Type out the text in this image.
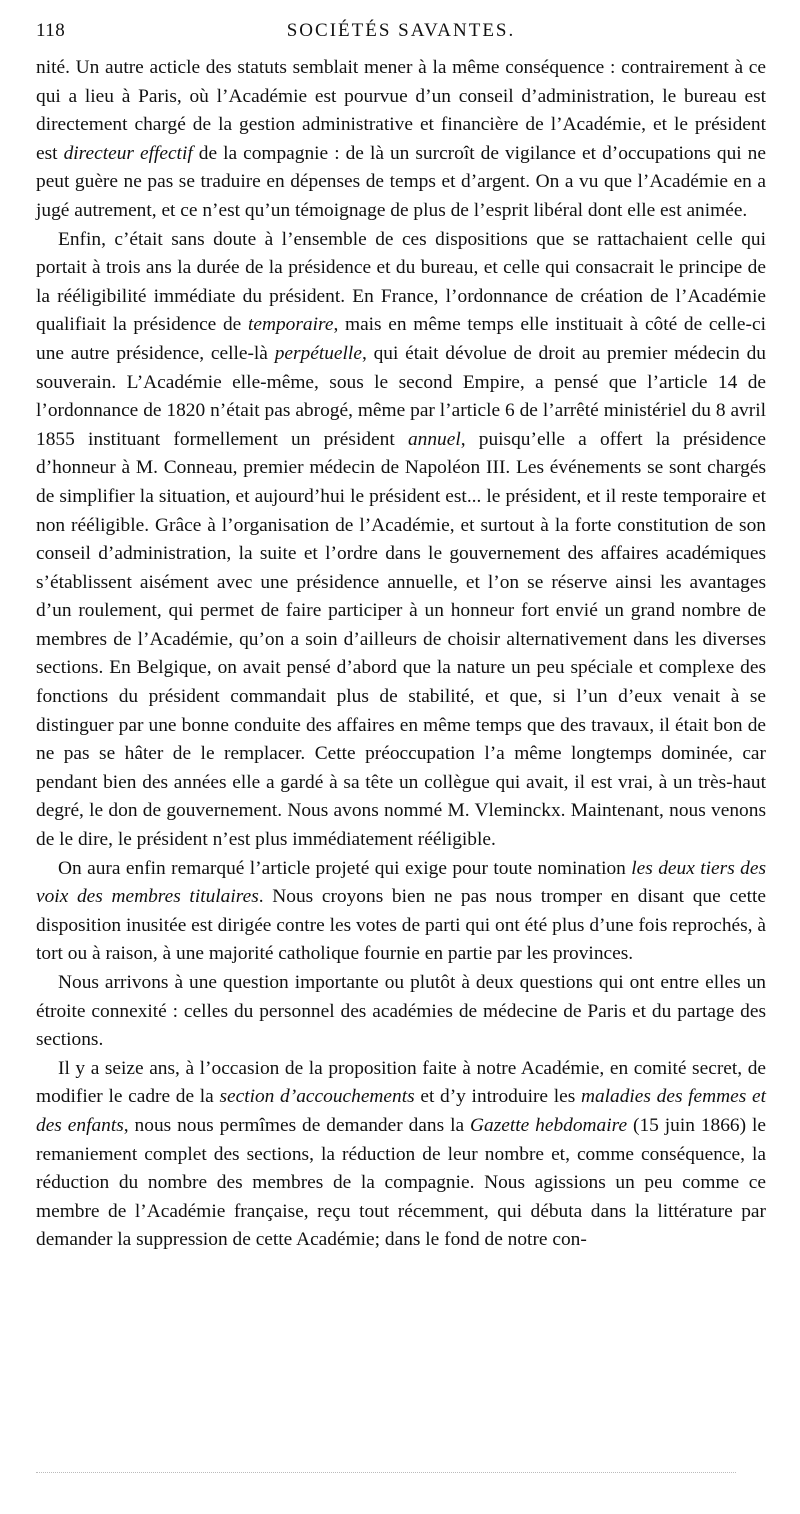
118	SOCIÉTÉS SAVANTES.

nité. Un autre acticle des statuts semblait mener à la même conséquence : contrairement à ce qui a lieu à Paris, où l’Académie est pourvue d’un conseil d’administration, le bureau est directement chargé de la gestion administrative et financière de l’Académie, et le président est directeur effectif de la compagnie : de là un surcroît de vigilance et d’occupations qui ne peut guère ne pas se traduire en dépenses de temps et d’argent. On a vu que l’Académie en a jugé autrement, et ce n’est qu’un témoignage de plus de l’esprit libéral dont elle est animée.

Enfin, c’était sans doute à l’ensemble de ces dispositions que se rattachaient celle qui portait à trois ans la durée de la présidence et du bureau, et celle qui consacrait le principe de la rééligibilité immédiate du président. En France, l’ordonnance de création de l’Académie qualifiait la présidence de temporaire, mais en même temps elle instituait à côté de celle-ci une autre présidence, celle-là perpétuelle, qui était dévolue de droit au premier médecin du souverain. L’Académie elle-même, sous le second Empire, a pensé que l’article 14 de l’ordonnance de 1820 n’était pas abrogé, même par l’article 6 de l’arrêté ministériel du 8 avril 1855 instituant formellement un président annuel, puisqu’elle a offert la présidence d’honneur à M. Conneau, premier médecin de Napoléon III. Les événements se sont chargés de simplifier la situation, et aujourd’hui le président est... le président, et il reste temporaire et non rééligible. Grâce à l’organisation de l’Académie, et surtout à la forte constitution de son conseil d’administration, la suite et l’ordre dans le gouvernement des affaires académiques s’établissent aisément avec une présidence annuelle, et l’on se réserve ainsi les avantages d’un roulement, qui permet de faire participer à un honneur fort envié un grand nombre de membres de l’Académie, qu’on a soin d’ailleurs de choisir alternativement dans les diverses sections. En Belgique, on avait pensé d’abord que la nature un peu spéciale et complexe des fonctions du président commandait plus de stabilité, et que, si l’un d’eux venait à se distinguer par une bonne conduite des affaires en même temps que des travaux, il était bon de ne pas se hâter de le remplacer. Cette préoccupation l’a même longtemps dominée, car pendant bien des années elle a gardé à sa tête un collègue qui avait, il est vrai, à un très-haut degré, le don de gouvernement. Nous avons nommé M. Vleminckx. Maintenant, nous venons de le dire, le président n’est plus immédiatement rééligible.

On aura enfin remarqué l’article projeté qui exige pour toute nomination les deux tiers des voix des membres titulaires. Nous croyons bien ne pas nous tromper en disant que cette disposition inusitée est dirigée contre les votes de parti qui ont été plus d’une fois reprochés, à tort ou à raison, à une majorité catholique fournie en partie par les provinces.

Nous arrivons à une question importante ou plutôt à deux questions qui ont entre elles un étroite connexité : celles du personnel des académies de médecine de Paris et du partage des sections.

Il y a seize ans, à l’occasion de la proposition faite à notre Académie, en comité secret, de modifier le cadre de la section d’accouchements et d’y introduire les maladies des femmes et des enfants, nous nous permîmes de demander dans la Gazette hebdomaire (15 juin 1866) le remaniement complet des sections, la réduction de leur nombre et, comme conséquence, la réduction du nombre des membres de la compagnie. Nous agissions un peu comme ce membre de l’Académie française, reçu tout récemment, qui débuta dans la littérature par demander la suppression de cette Académie; dans le fond de notre con-
